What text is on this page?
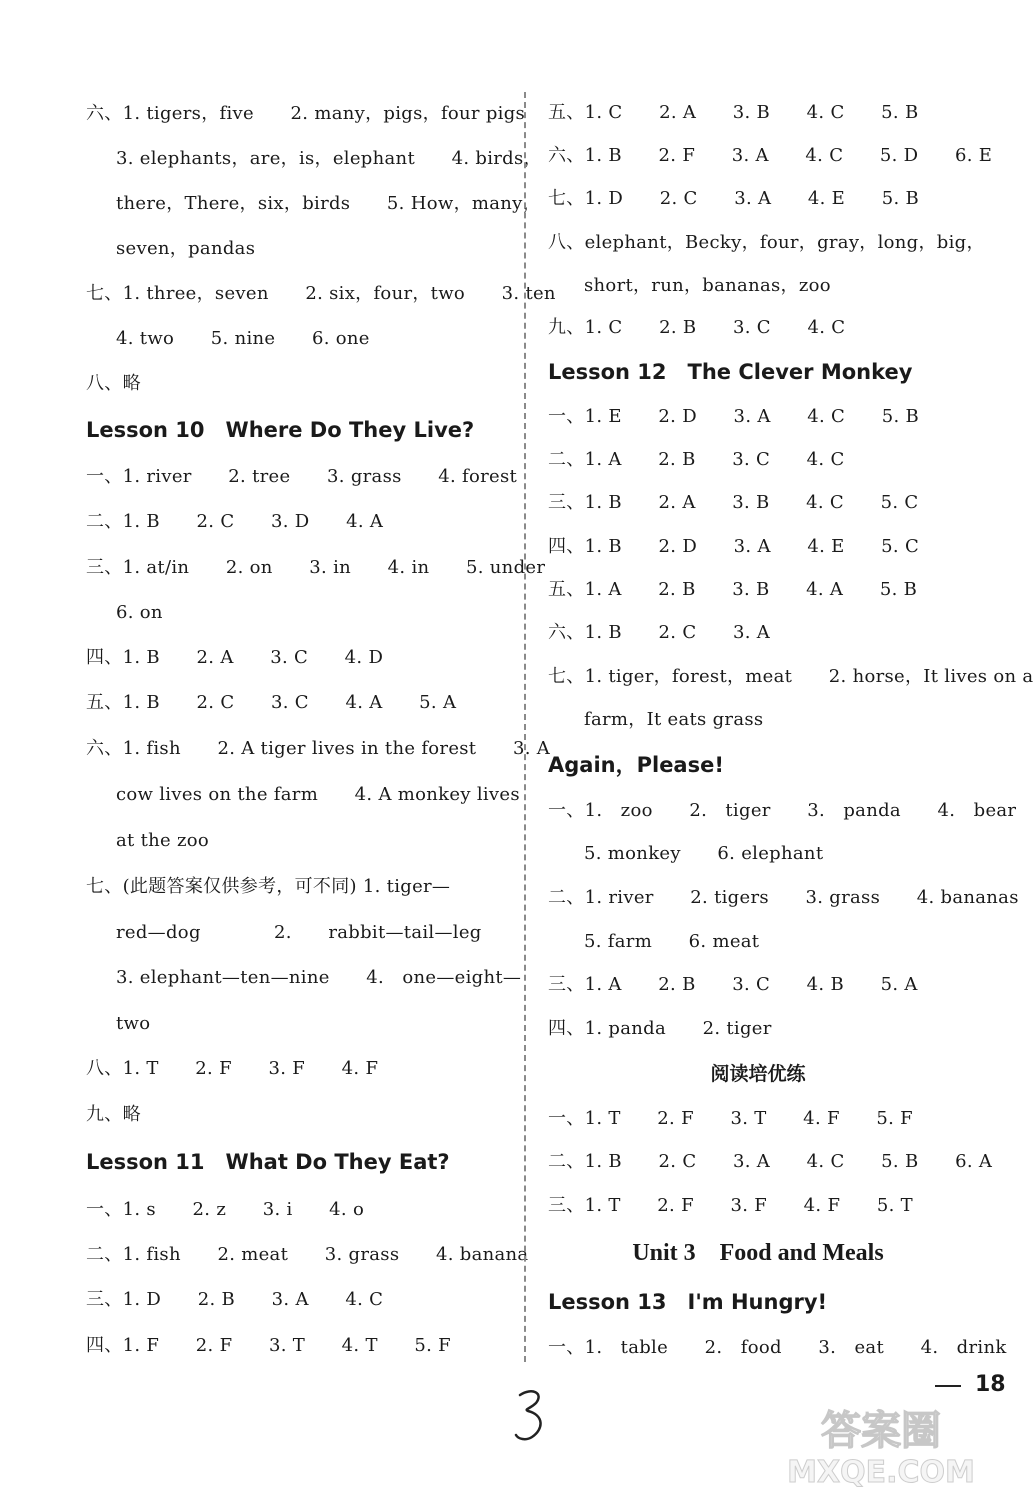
六、1. tigers，five　　2. many，pigs，four pigs
3. elephants，are，is，elephant　　4. birds，
there，There，six，birds　　5. How，many，
seven，pandas
七、1. three，seven　　2. six，four，two　　3. ten
4. two　　5. nine　　6. one
八、略
Lesson 10　Where Do They Live?
一、1. river　　2. tree　　3. grass　　4. forest
二、1. B　　2. C　　3. D　　4. A
三、1. at/in　　2. on　　3. in　　4. in　　5. under
6. on
四、1. B　　2. A　　3. C　　4. D
五、1. B　　2. C　　3. C　　4. A　　5. A
六、1. fish　　2. A tiger lives in the forest　　3. A
cow lives on the farm　　4. A monkey lives
at the zoo
七、(此题答案仅供参考，可不同) 1. tiger—
red—dog　　　　2.　　rabbit—tail—leg
3. elephant—ten—nine　　4.　one—eight—
two
八、1. T　　2. F　　3. F　　4. F
九、略
Lesson 11　What Do They Eat?
一、1. s　　2. z　　3. i　　4. o
二、1. fish　　2. meat　　3. grass　　4. banana
三、1. D　　2. B　　3. A　　4. C
四、1. F　　2. F　　3. T　　4. T　　5. F
五、1. C　　2. A　　3. B　　4. C　　5. B
六、1. B　　2. F　　3. A　　4. C　　5. D　　6. E
七、1. D　　2. C　　3. A　　4. E　　5. B
八、elephant，Becky，four，gray，long，big，
short，run，bananas，zoo
九、1. C　　2. B　　3. C　　4. C
Lesson 12　The Clever Monkey
一、1. E　　2. D　　3. A　　4. C　　5. B
二、1. A　　2. B　　3. C　　4. C
三、1. B　　2. A　　3. B　　4. C　　5. C
四、1. B　　2. D　　3. A　　4. E　　5. C
五、1. A　　2. B　　3. B　　4. A　　5. B
六、1. B　　2. C　　3. A
七、1. tiger，forest，meat　　2. horse，It lives on a
farm，It eats grass
Again，Please!
一、1.　zoo　　2.　tiger　　3.　panda　　4.　bear
5. monkey　　6. elephant
二、1. river　　2. tigers　　3. grass　　4. bananas
5. farm　　6. meat
三、1. A　　2. B　　3. C　　4. B　　5. A
四、1. panda　　2. tiger
阅读培优练
一、1. T　　2. F　　3. T　　4. F　　5. F
二、1. B　　2. C　　3. A　　4. C　　5. B　　6. A
三、1. T　　2. F　　3. F　　4. F　　5. T
Unit 3　Food and Meals
Lesson 13　I'm Hungry!
一、1.　table　　2.　food　　3.　eat　　4.　drink
18
答案圈
MXQE.COM
